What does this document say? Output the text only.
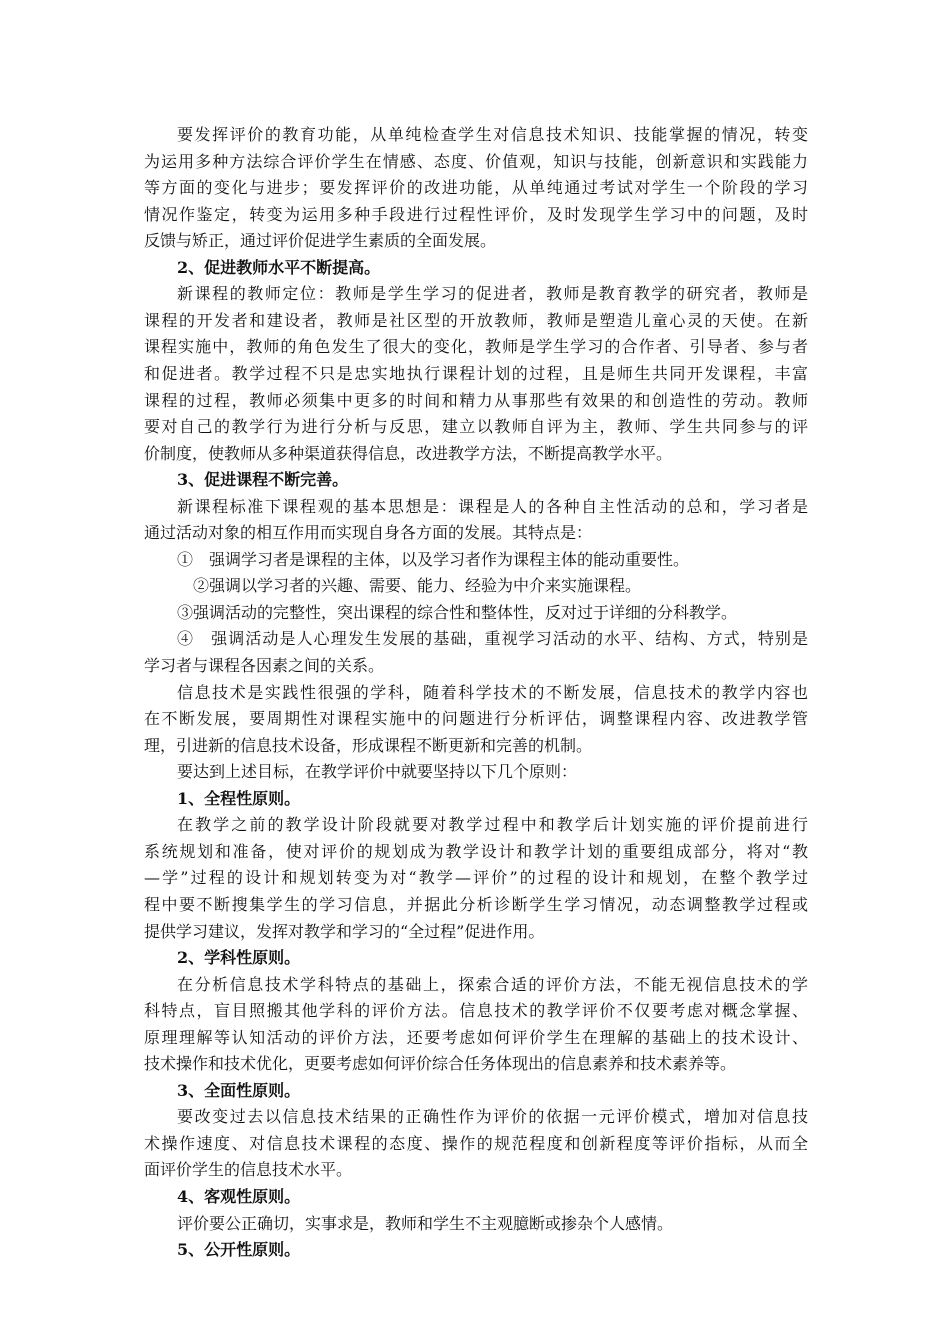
要发挥评价的教育功能，从单纯检查学生对信息技术知识、技能掌握的情况，转变
为运用多种方法综合评价学生在情感、态度、价值观，知识与技能，创新意识和实践能力
等方面的变化与进步；要发挥评价的改进功能，从单纯通过考试对学生一个阶段的学习
情况作鉴定，转变为运用多种手段进行过程性评价，及时发现学生学习中的问题，及时
反馈与矫正，通过评价促进学生素质的全面发展。
2、促进教师水平不断提高。
新课程的教师定位：教师是学生学习的促进者，教师是教育教学的研究者，教师是
课程的开发者和建设者，教师是社区型的开放教师，教师是塑造儿童心灵的天使。在新
课程实施中，教师的角色发生了很大的变化，教师是学生学习的合作者、引导者、参与者
和促进者。教学过程不只是忠实地执行课程计划的过程，且是师生共同开发课程，丰富
课程的过程，教师必须集中更多的时间和精力从事那些有效果的和创造性的劳动。教师
要对自己的教学行为进行分析与反思，建立以教师自评为主，教师、学生共同参与的评
价制度，使教师从多种渠道获得信息，改进教学方法，不断提高教学水平。
3、促进课程不断完善。
新课程标准下课程观的基本思想是：课程是人的各种自主性活动的总和，学习者是
通过活动对象的相互作用而实现自身各方面的发展。其特点是：
①　强调学习者是课程的主体，以及学习者作为课程主体的能动重要性。
②强调以学习者的兴趣、需要、能力、经验为中介来实施课程。
③强调活动的完整性，突出课程的综合性和整体性，反对过于详细的分科教学。
④　强调活动是人心理发生发展的基础，重视学习活动的水平、结构、方式，特别是
学习者与课程各因素之间的关系。
信息技术是实践性很强的学科，随着科学技术的不断发展，信息技术的教学内容也
在不断发展，要周期性对课程实施中的问题进行分析评估，调整课程内容、改进教学管
理，引进新的信息技术设备，形成课程不断更新和完善的机制。
要达到上述目标，在教学评价中就要坚持以下几个原则：
1、全程性原则。
在教学之前的教学设计阶段就要对教学过程中和教学后计划实施的评价提前进行
系统规划和准备，使对评价的规划成为教学设计和教学计划的重要组成部分，将对“教
—学”过程的设计和规划转变为对“教学—评价”的过程的设计和规划，在整个教学过
程中要不断搜集学生的学习信息，并据此分析诊断学生学习情况，动态调整教学过程或
提供学习建议，发挥对教学和学习的“全过程”促进作用。
2、学科性原则。
在分析信息技术学科特点的基础上，探索合适的评价方法，不能无视信息技术的学
科特点，盲目照搬其他学科的评价方法。信息技术的教学评价不仅要考虑对概念掌握、
原理理解等认知活动的评价方法，还要考虑如何评价学生在理解的基础上的技术设计、
技术操作和技术优化，更要考虑如何评价综合任务体现出的信息素养和技术素养等。
3、全面性原则。
要改变过去以信息技术结果的正确性作为评价的依据一元评价模式，增加对信息技
术操作速度、对信息技术课程的态度、操作的规范程度和创新程度等评价指标，从而全
面评价学生的信息技术水平。
4、客观性原则。
评价要公正确切，实事求是，教师和学生不主观臆断或掺杂个人感情。
5、公开性原则。
